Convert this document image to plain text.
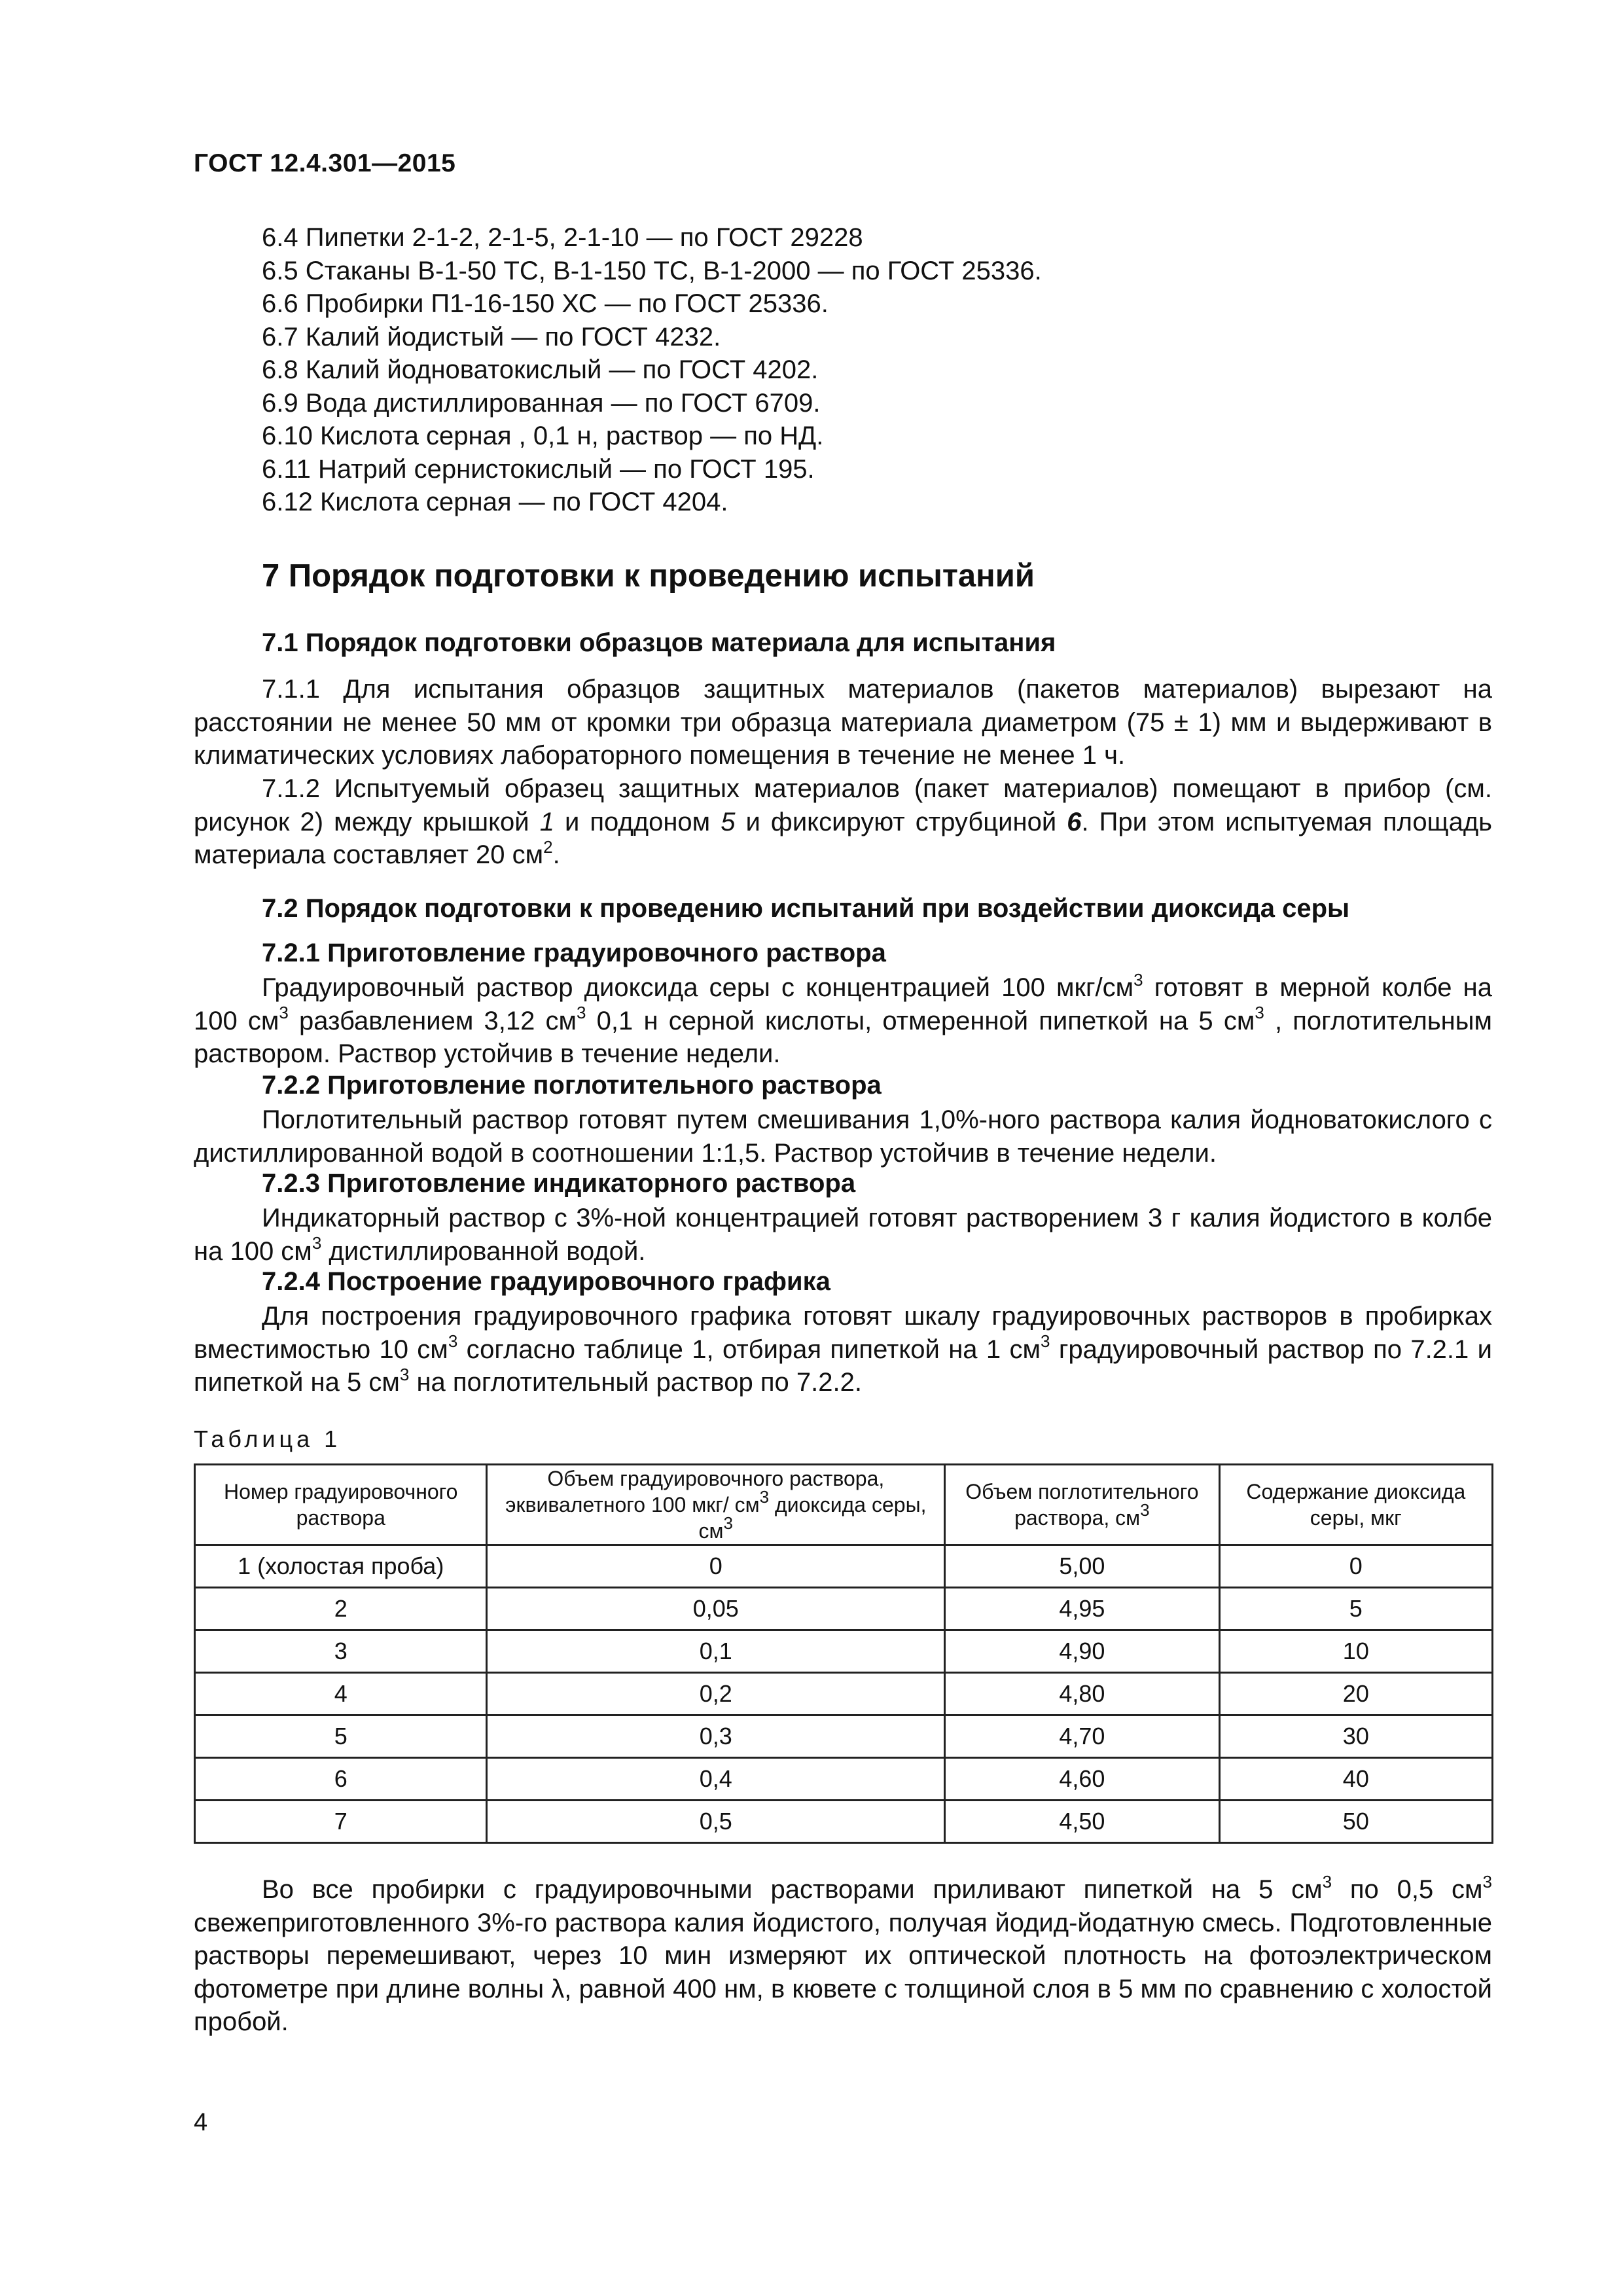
ГОСТ 12.4.301—2015
6.4 Пипетки 2-1-2, 2-1-5, 2-1-10 — по ГОСТ 29228
6.5 Стаканы В-1-50 ТС, В-1-150 ТС, В-1-2000 — по ГОСТ 25336.
6.6 Пробирки П1-16-150 ХС — по ГОСТ 25336.
6.7 Калий йодистый — по ГОСТ 4232.
6.8 Калий йодноватокислый — по ГОСТ 4202.
6.9 Вода дистиллированная — по ГОСТ 6709.
6.10 Кислота серная , 0,1 н, раствор — по НД.
6.11 Натрий сернистокислый — по ГОСТ 195.
6.12 Кислота серная — по ГОСТ 4204.
7 Порядок подготовки к проведению испытаний
7.1 Порядок подготовки образцов материала для испытания
7.1.1 Для испытания образцов защитных материалов (пакетов материалов) вырезают на расстоянии не менее 50 мм от кромки три образца материала диаметром (75 ± 1) мм и выдерживают в климатических условиях лабораторного помещения в течение не менее 1 ч.
7.1.2 Испытуемый образец защитных материалов (пакет материалов) помещают в прибор (см. рисунок 2) между крышкой 1 и поддоном 5 и фиксируют струбциной 6. При этом испытуемая площадь материала составляет 20 $см^2$.
7.2 Порядок подготовки к проведению испытаний при воздействии диоксида серы
7.2.1 Приготовление градуировочного раствора
Градуировочный раствор диоксида серы с концентрацией 100 мкг/$см^3$ готовят в мерной колбе на 100 $см^3$ разбавлением 3,12 $см^3$ 0,1 н серной кислоты, отмеренной пипеткой на 5 $см^3$ , поглотительным раствором. Раствор устойчив в течение недели.
7.2.2 Приготовление поглотительного раствора
Поглотительный раствор готовят путем смешивания 1,0%-ного раствора калия йодноватокислого с дистиллированной водой в соотношении 1:1,5. Раствор устойчив в течение недели.
7.2.3 Приготовление индикаторного раствора
Индикаторный раствор с 3%-ной концентрацией готовят растворением 3 г калия йодистого в колбе на 100 $см^3$ дистиллированной водой.
7.2.4 Построение градуировочного графика
Для построения градуировочного графика готовят шкалу градуировочных растворов в пробирках вместимостью 10 $см^3$ согласно таблице 1, отбирая пипеткой на 1 $см^3$ градуировочный раствор по 7.2.1 и пипеткой на 5 $см^3$ на поглотительный раствор по 7.2.2.
Таблица 1
Номер градуировочного раствора	Объем градуировочного раствора, эквивалетного 100 мкг/ $см^3$ диоксида серы, $см^3$	Объем поглотительного раствора, $см^3$	Содержание диоксида серы, мкг
1 (холостая проба)	0	5,00	0
2	0,05	4,95	5
3	0,1	4,90	10
4	0,2	4,80	20
5	0,3	4,70	30
6	0,4	4,60	40
7	0,5	4,50	50
Во все пробирки с градуировочными растворами приливают пипеткой на 5 $см^3$ по 0,5 $см^3$ свежеприготовленного 3%-го раствора калия йодистого, получая йодид-йодатную смесь. Подготовленные растворы перемешивают, через 10 мин измеряют их оптической плотность на фотоэлектрическом фотометре при длине волны λ, равной 400 нм, в кювете с толщиной слоя в 5 мм по сравнению с холостой пробой.
4
